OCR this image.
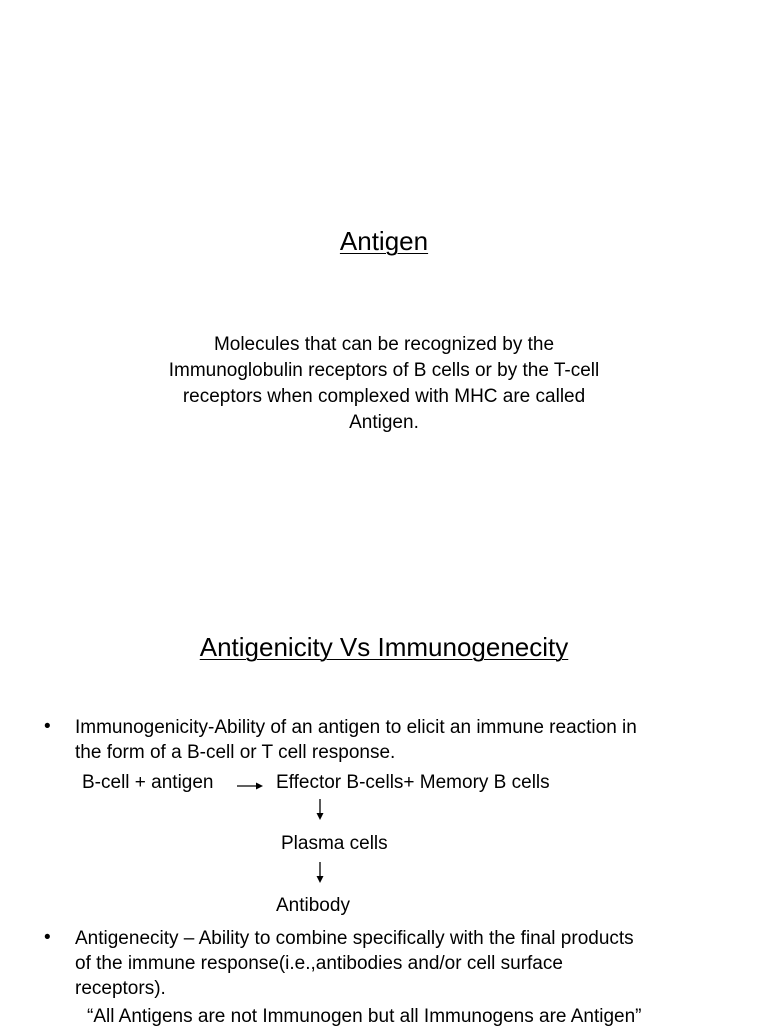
Antigen
Molecules that can be recognized by the
Immunoglobulin receptors of B cells or by the T-cell
receptors when complexed with MHC are called
Antigen.
Antigenicity Vs Immunogenecity
• Immunogenicity-Ability of an antigen to elicit an immune reaction in
the form of a B-cell or T cell response.
B-cell + antigen	Effector B-cells+ Memory B cells
Plasma cells
Antibody
• Antigenecity – Ability to combine specifically with the final products
of the immune response(i.e.,antibodies and/or cell surface
receptors).
“All Antigens are not Immunogen but all Immunogens are Antigen”
